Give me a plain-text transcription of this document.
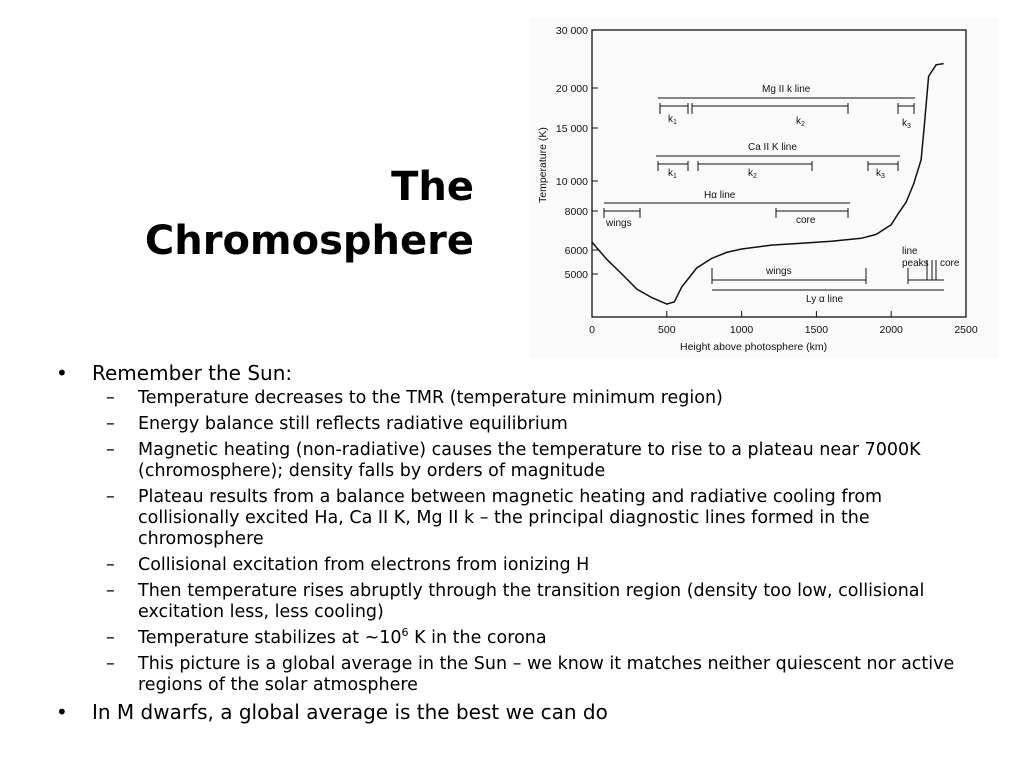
The
Chromosphere
5000
6000
8000
10 000
15 000
20 000
30 000
0	500	1000	1500	2000	2500
Temperature (K)
Height above photosphere (km)
Mg II k line
$k_1$	$k_2$	$k_3$
Ca II K line
$k_1$	$k_2$	$k_3$
Hα line
wings	core
wings
Ly α line
line
peaks core
• Remember the Sun:
– Temperature decreases to the TMR (temperature minimum region)
– Energy balance still reflects radiative equilibrium
– Magnetic heating (non-radiative) causes the temperature to rise to a plateau near 7000K (chromosphere); density falls by orders of magnitude
– Plateau results from a balance between magnetic heating and radiative cooling from collisionally excited Ha, Ca II K, Mg II k – the principal diagnostic lines formed in the chromosphere
– Collisional excitation from electrons from ionizing H
– Then temperature rises abruptly through the transition region (density too low, collisional excitation less, less cooling)
– Temperature stabilizes at $\sim 10^6$ K in the corona
– This picture is a global average in the Sun – we know it matches neither quiescent nor active regions of the solar atmosphere
• In M dwarfs, a global average is the best we can do
